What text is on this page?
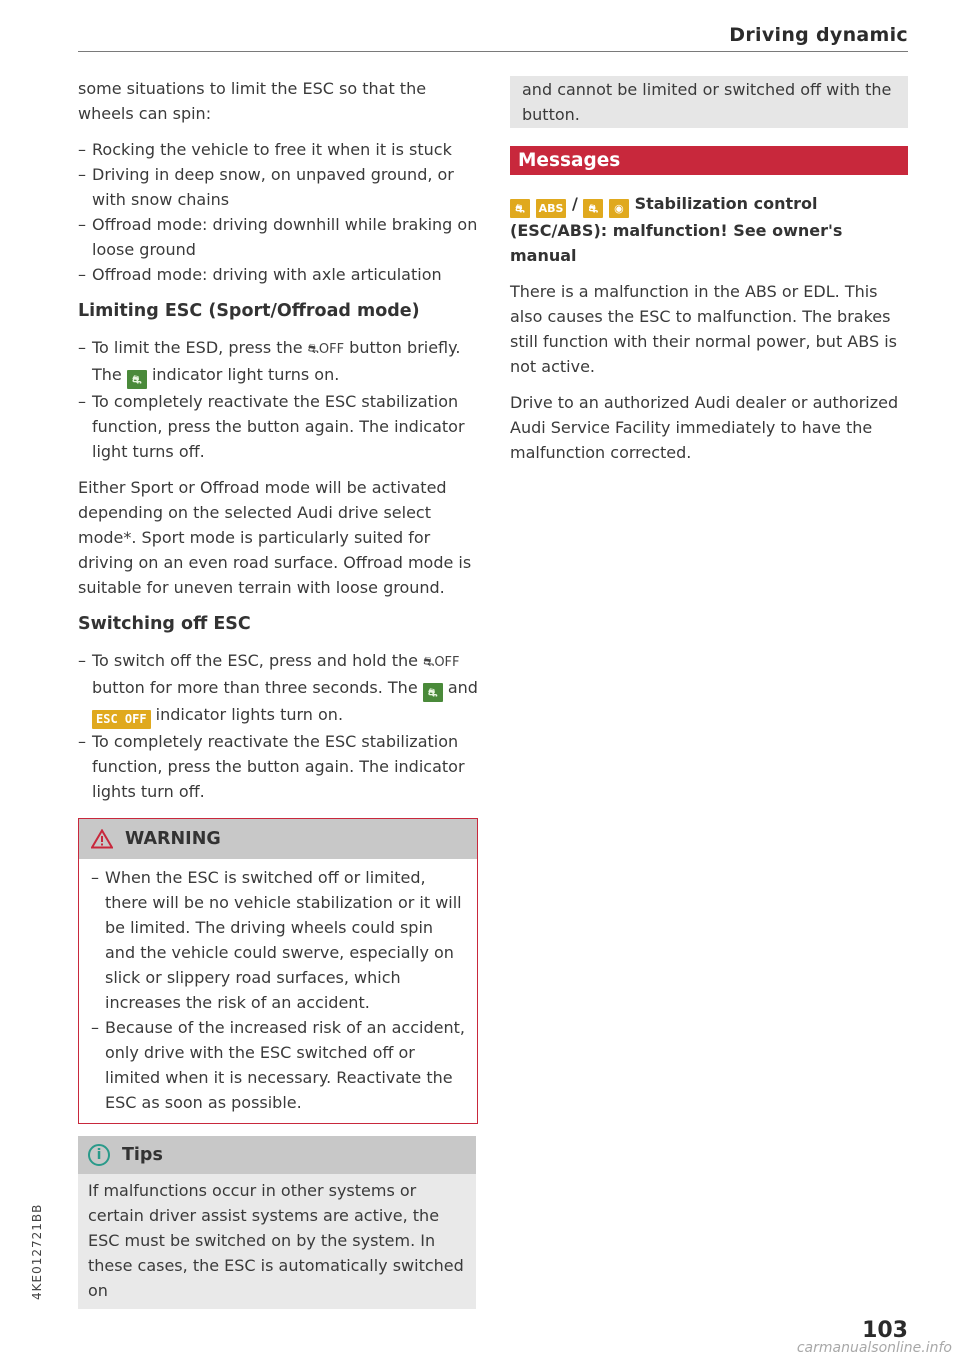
Driving dynamic

some situations to limit the ESC so that the wheels can spin:

– Rocking the vehicle to free it when it is stuck
– Driving in deep snow, on unpaved ground, or with snow chains
– Offroad mode: driving downhill while braking on loose ground
– Offroad mode: driving with axle articulation
Limiting ESC (Sport/Offroad mode)
– To limit the ESD, press the ⛐OFF button briefly. The ⛐ indicator light turns on.
– To completely reactivate the ESC stabilization function, press the button again. The indicator light turns off.

Either Sport or Offroad mode will be activated depending on the selected Audi drive select mode*. Sport mode is particularly suited for driving on an even road surface. Offroad mode is suitable for uneven terrain with loose ground.

Switching off ESC
– To switch off the ESC, press and hold the ⛐OFF button for more than three seconds. The ⛐ and ESC OFF indicator lights turn on.
– To completely reactivate the ESC stabilization function, press the button again. The indicator lights turn off.
WARNING
– When the ESC is switched off or limited, there will be no vehicle stabilization or it will be limited. The driving wheels could spin and the vehicle could swerve, especially on slick or slippery road surfaces, which increases the risk of an accident.
– Because of the increased risk of an accident, only drive with the ESC switched off or limited when it is necessary. Reactivate the ESC as soon as possible.
i	Tips

If malfunctions occur in other systems or certain driver assist systems are active, the ESC must be switched on by the system. In these cases, the ESC is automatically switched on

and cannot be limited or switched off with the button.

Messages
⛐ ABS / ⛐ ◉ Stabilization control (ESC/ABS): malfunction! See owner's manual

There is a malfunction in the ABS or EDL. This also causes the ESC to malfunction. The brakes still function with their normal power, but ABS is not active.

Drive to an authorized Audi dealer or authorized Audi Service Facility immediately to have the malfunction corrected.

4KE012721BB
103
carmanualsonline.info
